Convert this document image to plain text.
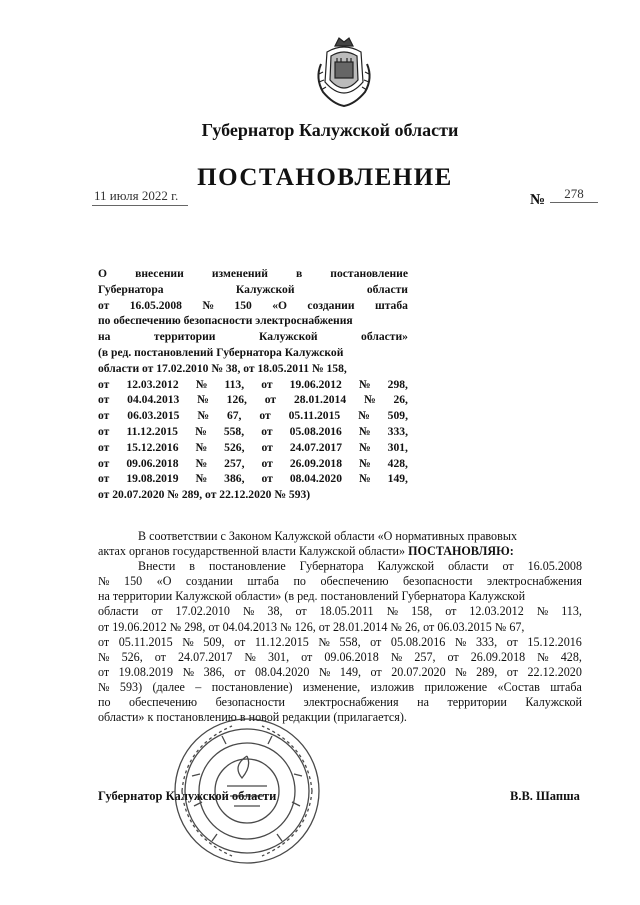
Губернатор Калужской области
ПОСТАНОВЛЕНИЕ
11 июля 2022 г.	№	278
О внесении изменений в постановление
Губернатора	Калужской	области
от 16.05.2008 № 150 «О создании штаба
по обеспечению безопасности электроснабжения
на	территории	Калужской	области»
(в ред. постановлений Губернатора Калужской
области от 17.02.2010 № 38, от 18.05.2011 № 158,
от 12.03.2012 № 113, от 19.06.2012 № 298,
от 04.04.2013 № 126, от 28.01.2014 № 26,
от 06.03.2015 № 67, от 05.11.2015 № 509,
от 11.12.2015 № 558, от 05.08.2016 № 333,
от 15.12.2016 № 526, от 24.07.2017 № 301,
от 09.06.2018 № 257, от 26.09.2018 № 428,
от 19.08.2019 № 386, от 08.04.2020 № 149,
от 20.07.2020 № 289, от 22.12.2020 № 593)
В соответствии с Законом Калужской области «О нормативных правовых
актах органов государственной власти Калужской области» ПОСТАНОВЛЯЮ:
Внести в постановление Губернатора Калужской области от 16.05.2008
№ 150 «О создании штаба по обеспечению безопасности электроснабжения
на территории Калужской области» (в ред. постановлений Губернатора Калужской
области от 17.02.2010 № 38, от 18.05.2011 № 158, от 12.03.2012 № 113,
от 19.06.2012 № 298, от 04.04.2013 № 126, от 28.01.2014 № 26, от 06.03.2015 № 67,
от 05.11.2015 № 509, от 11.12.2015 № 558, от 05.08.2016 № 333, от 15.12.2016
№ 526, от 24.07.2017 № 301, от 09.06.2018 № 257, от 26.09.2018 № 428,
от 19.08.2019 № 386, от 08.04.2020 № 149, от 20.07.2020 № 289, от 22.12.2020
№ 593) (далее – постановление) изменение, изложив приложение «Состав штаба
по обеспечению безопасности электроснабжения на территории Калужской
области» к постановлению в новой редакции (прилагается).
Губернатор Калужской области	В.В. Шапша
